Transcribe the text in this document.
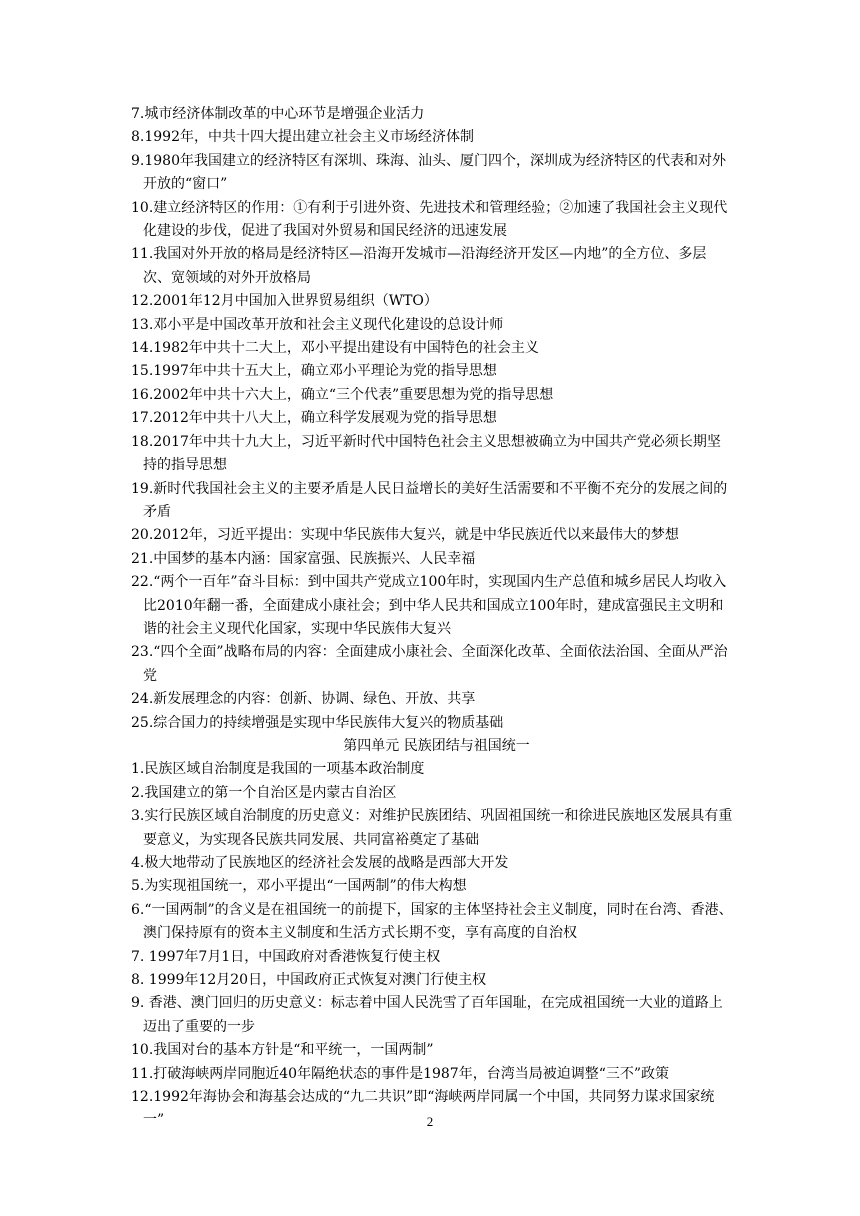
7.城市经济体制改革的中心环节是增强企业活力

8.1992年，中共十四大提出建立社会主义市场经济体制

9.1980年我国建立的经济特区有深圳、珠海、汕头、厦门四个，深圳成为经济特区的代表和对外开放的“窗口”

10.建立经济特区的作用：①有利于引进外资、先进技术和管理经验；②加速了我国社会主义现代化建设的步伐，促进了我国对外贸易和国民经济的迅速发展

11.我国对外开放的格局是经济特区—沿海开发城市—沿海经济开发区—内地”的全方位、多层次、宽领域的对外开放格局

12.2001年12月中国加入世界贸易组织（WTO）

13.邓小平是中国改革开放和社会主义现代化建设的总设计师

14.1982年中共十二大上，邓小平提出建设有中国特色的社会主义

15.1997年中共十五大上，确立邓小平理论为党的指导思想

16.2002年中共十六大上，确立“三个代表”重要思想为党的指导思想

17.2012年中共十八大上，确立科学发展观为党的指导思想

18.2017年中共十九大上，习近平新时代中国特色社会主义思想被确立为中国共产党必须长期坚持的指导思想

19.新时代我国社会主义的主要矛盾是人民日益增长的美好生活需要和不平衡不充分的发展之间的矛盾

20.2012年，习近平提出：实现中华民族伟大复兴，就是中华民族近代以来最伟大的梦想

21.中国梦的基本内涵：国家富强、民族振兴、人民幸福

22.“两个一百年”奋斗目标：到中国共产党成立100年时，实现国内生产总值和城乡居民人均收入比2010年翻一番，全面建成小康社会；到中华人民共和国成立100年时，建成富强民主文明和谐的社会主义现代化国家，实现中华民族伟大复兴

23.“四个全面”战略布局的内容：全面建成小康社会、全面深化改革、全面依法治国、全面从严治党

24.新发展理念的内容：创新、协调、绿色、开放、共享

25.综合国力的持续增强是实现中华民族伟大复兴的物质基础

第四单元 民族团结与祖国统一

1.民族区域自治制度是我国的一项基本政治制度

2.我国建立的第一个自治区是内蒙古自治区

3.实行民族区域自治制度的历史意义：对维护民族团结、巩固祖国统一和徐进民族地区发展具有重要意义，为实现各民族共同发展、共同富裕奠定了基础

4.极大地带动了民族地区的经济社会发展的战略是西部大开发

5.为实现祖国统一，邓小平提出“一国两制”的伟大构想

6.“一国两制”的含义是在祖国统一的前提下，国家的主体坚持社会主义制度，同时在台湾、香港、澳门保持原有的资本主义制度和生活方式长期不变，享有高度的自治权

7. 1997年7月1日，中国政府对香港恢复行使主权

8. 1999年12月20日，中国政府正式恢复对澳门行使主权

9. 香港、澳门回归的历史意义：标志着中国人民洗雪了百年国耻，在完成祖国统一大业的道路上迈出了重要的一步

10.我国对台的基本方针是“和平统一，一国两制”

11.打破海峡两岸同胞近40年隔绝状态的事件是1987年，台湾当局被迫调整“三不”政策

12.1992年海协会和海基会达成的“九二共识”即“海峡两岸同属一个中国，共同努力谋求国家统一”	2
